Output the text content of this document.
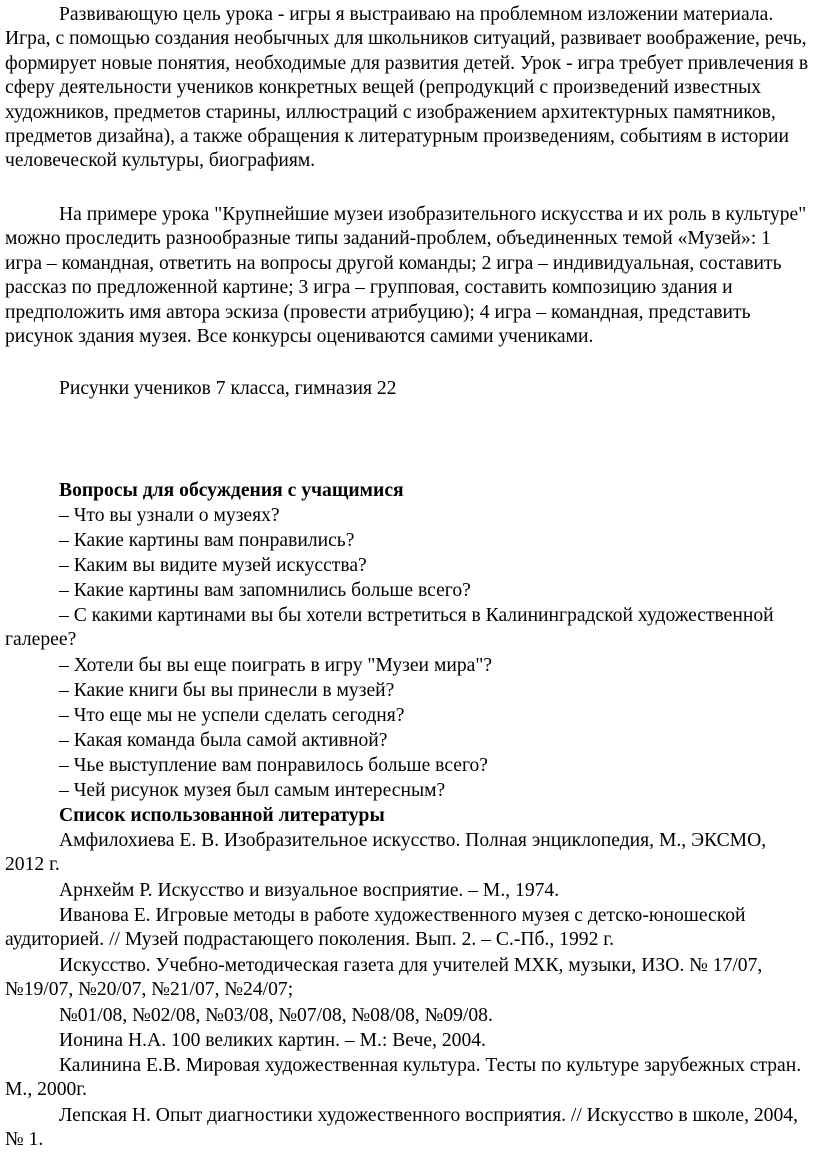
Развивающую цель урока - игры я выстраиваю на проблемном изложении материала. Игра, с помощью создания необычных для школьников ситуаций, развивает воображение, речь, формирует новые понятия, необходимые для развития детей. Урок - игра требует привлечения в сферу деятельности учеников конкретных вещей (репродукций с произведений известных художников, предметов старины, иллюстраций с изображением архитектурных памятников, предметов дизайна), а также обращения к литературным произведениям, событиям в истории человеческой культуры, биографиям.

На примере урока "Крупнейшие музеи изобразительного искусства и их роль в культуре" можно проследить разнообразные типы заданий-проблем, объединенных темой «Музей»: 1 игра – командная, ответить на вопросы другой команды; 2 игра – индивидуальная, составить рассказ по предложенной картине; 3 игра – групповая, составить композицию здания и предположить имя автора эскиза (провести атрибуцию); 4 игра – командная, представить рисунок здания музея. Все конкурсы оцениваются самими учениками.

Рисунки учеников 7 класса, гимназия 22

Вопросы для обсуждения с учащимися

– Что вы узнали о музеях?

– Какие картины вам понравились?

– Каким вы видите музей искусства?

– Какие картины вам запомнились больше всего?

– С какими картинами вы бы хотели встретиться в Калининградской художественной галерее?

– Хотели бы вы еще поиграть в игру "Музеи мира"?

– Какие книги бы вы принесли в музей?

– Что еще мы не успели сделать сегодня?

– Какая команда была самой активной?

– Чье выступление вам понравилось больше всего?

– Чей рисунок музея был самым интересным?

Список использованной литературы

Амфилохиева Е. В. Изобразительное искусство. Полная энциклопедия, М., ЭКСМО, 2012 г.

Арнхейм Р. Искусство и визуальное восприятие. – М., 1974.

Иванова Е. Игровые методы в работе художественного музея с детско-юношеской аудиторией. // Музей подрастающего поколения. Вып. 2. – С.-Пб., 1992 г.

Искусство. Учебно-методическая газета для учителей МХК, музыки, ИЗО. № 17/07, №19/07, №20/07, №21/07, №24/07;

№01/08, №02/08, №03/08, №07/08, №08/08, №09/08.

Ионина Н.А. 100 великих картин. – М.: Вече, 2004.

Калинина Е.В. Мировая художественная культура. Тесты по культуре зарубежных стран. М., 2000г.

Лепская Н. Опыт диагностики художественного восприятия. // Искусство в школе, 2004, № 1.
